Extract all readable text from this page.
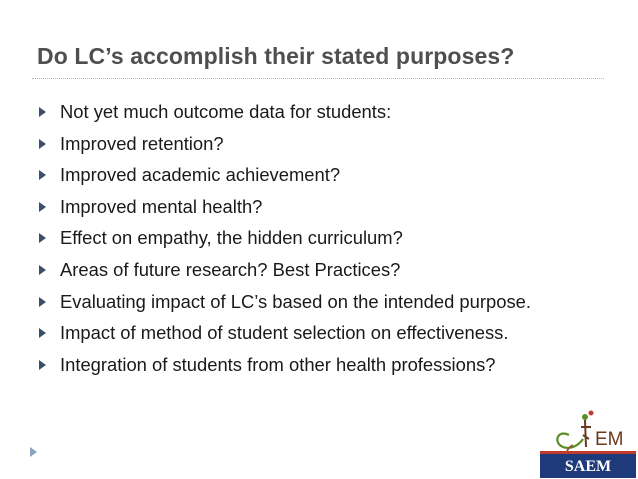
Do LC’s accomplish their stated purposes?
Not yet much outcome data for students:
Improved retention?
Improved academic achievement?
Improved mental health?
Effect on empathy, the hidden curriculum?
Areas of future research? Best Practices?
Evaluating impact of LC’s based on the intended purpose.
Impact of method of student selection on effectiveness.
Integration of students from other health professions?
EM
SAEM
